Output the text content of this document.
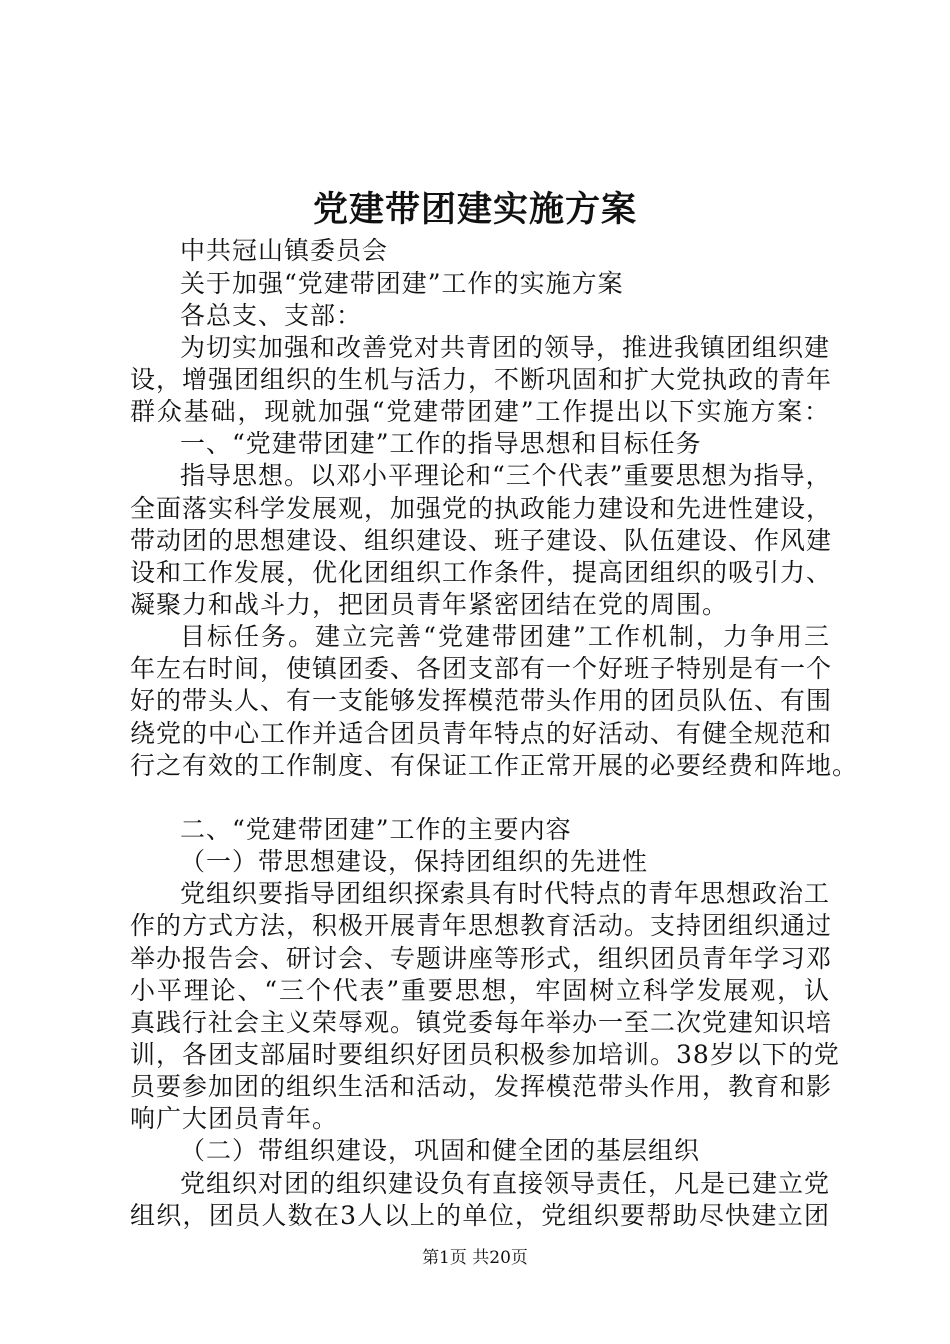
党建带团建实施方案
中共冠山镇委员会
关于加强“党建带团建”工作的实施方案
各总支、支部：
为切实加强和改善党对共青团的领导，推进我镇团组织建
设，增强团组织的生机与活力，不断巩固和扩大党执政的青年
群众基础，现就加强“党建带团建”工作提出以下实施方案：
一、“党建带团建”工作的指导思想和目标任务
指导思想。以邓小平理论和“三个代表”重要思想为指导，
全面落实科学发展观，加强党的执政能力建设和先进性建设，
带动团的思想建设、组织建设、班子建设、队伍建设、作风建
设和工作发展，优化团组织工作条件，提高团组织的吸引力、
凝聚力和战斗力，把团员青年紧密团结在党的周围。
目标任务。建立完善“党建带团建”工作机制，力争用三
年左右时间，使镇团委、各团支部有一个好班子特别是有一个
好的带头人、有一支能够发挥模范带头作用的团员队伍、有围
绕党的中心工作并适合团员青年特点的好活动、有健全规范和
行之有效的工作制度、有保证工作正常开展的必要经费和阵地。
二、“党建带团建”工作的主要内容
（一）带思想建设，保持团组织的先进性
党组织要指导团组织探索具有时代特点的青年思想政治工
作的方式方法，积极开展青年思想教育活动。支持团组织通过
举办报告会、研讨会、专题讲座等形式，组织团员青年学习邓
小平理论、“三个代表”重要思想，牢固树立科学发展观，认
真践行社会主义荣辱观。镇党委每年举办一至二次党建知识培
训，各团支部届时要组织好团员积极参加培训。38岁以下的党
员要参加团的组织生活和活动，发挥模范带头作用，教育和影
响广大团员青年。
（二）带组织建设，巩固和健全团的基层组织
党组织对团的组织建设负有直接领导责任，凡是已建立党
组织，团员人数在3人以上的单位，党组织要帮助尽快建立团
第1页 共20页
